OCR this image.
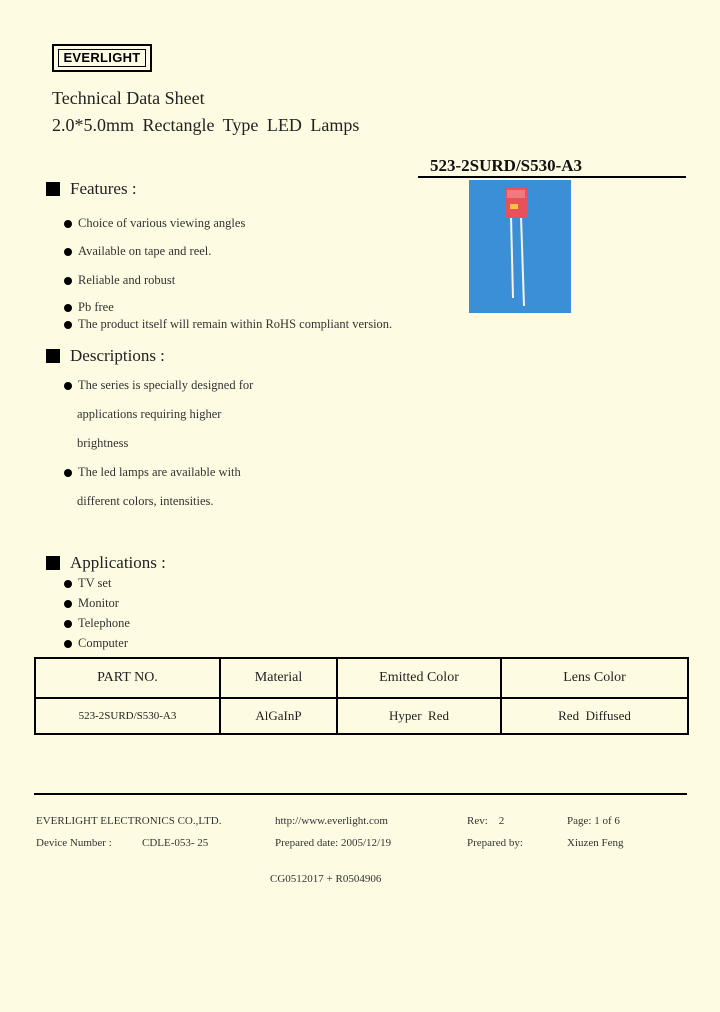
EVERLIGHT
Technical Data Sheet
2.0*5.0mm Rectangle Type LED Lamps
523-2SURD/S530-A3
Features :
Choice of various viewing angles
Available on tape and reel.
Reliable and robust
Pb free
The product itself will remain within RoHS compliant version.
Descriptions :
The series is specially designed for
applications requiring higher
brightness
The led lamps are available with
different colors, intensities.
Applications :
TV set
Monitor
Telephone
Computer
PART NO.	Material	Emitted Color	Lens Color
523-2SURD/S530-A3	AlGaInP	Hyper  Red	Red  Diffused
EVERLIGHT ELECTRONICS CO.,LTD.	http://www.everlight.com	Rev:    2	Page: 1 of 6
Device Number :	CDLE-053- 25	Prepared date: 2005/12/19	Prepared by:	Xiuzen Feng
CG0512017 + R0504906
